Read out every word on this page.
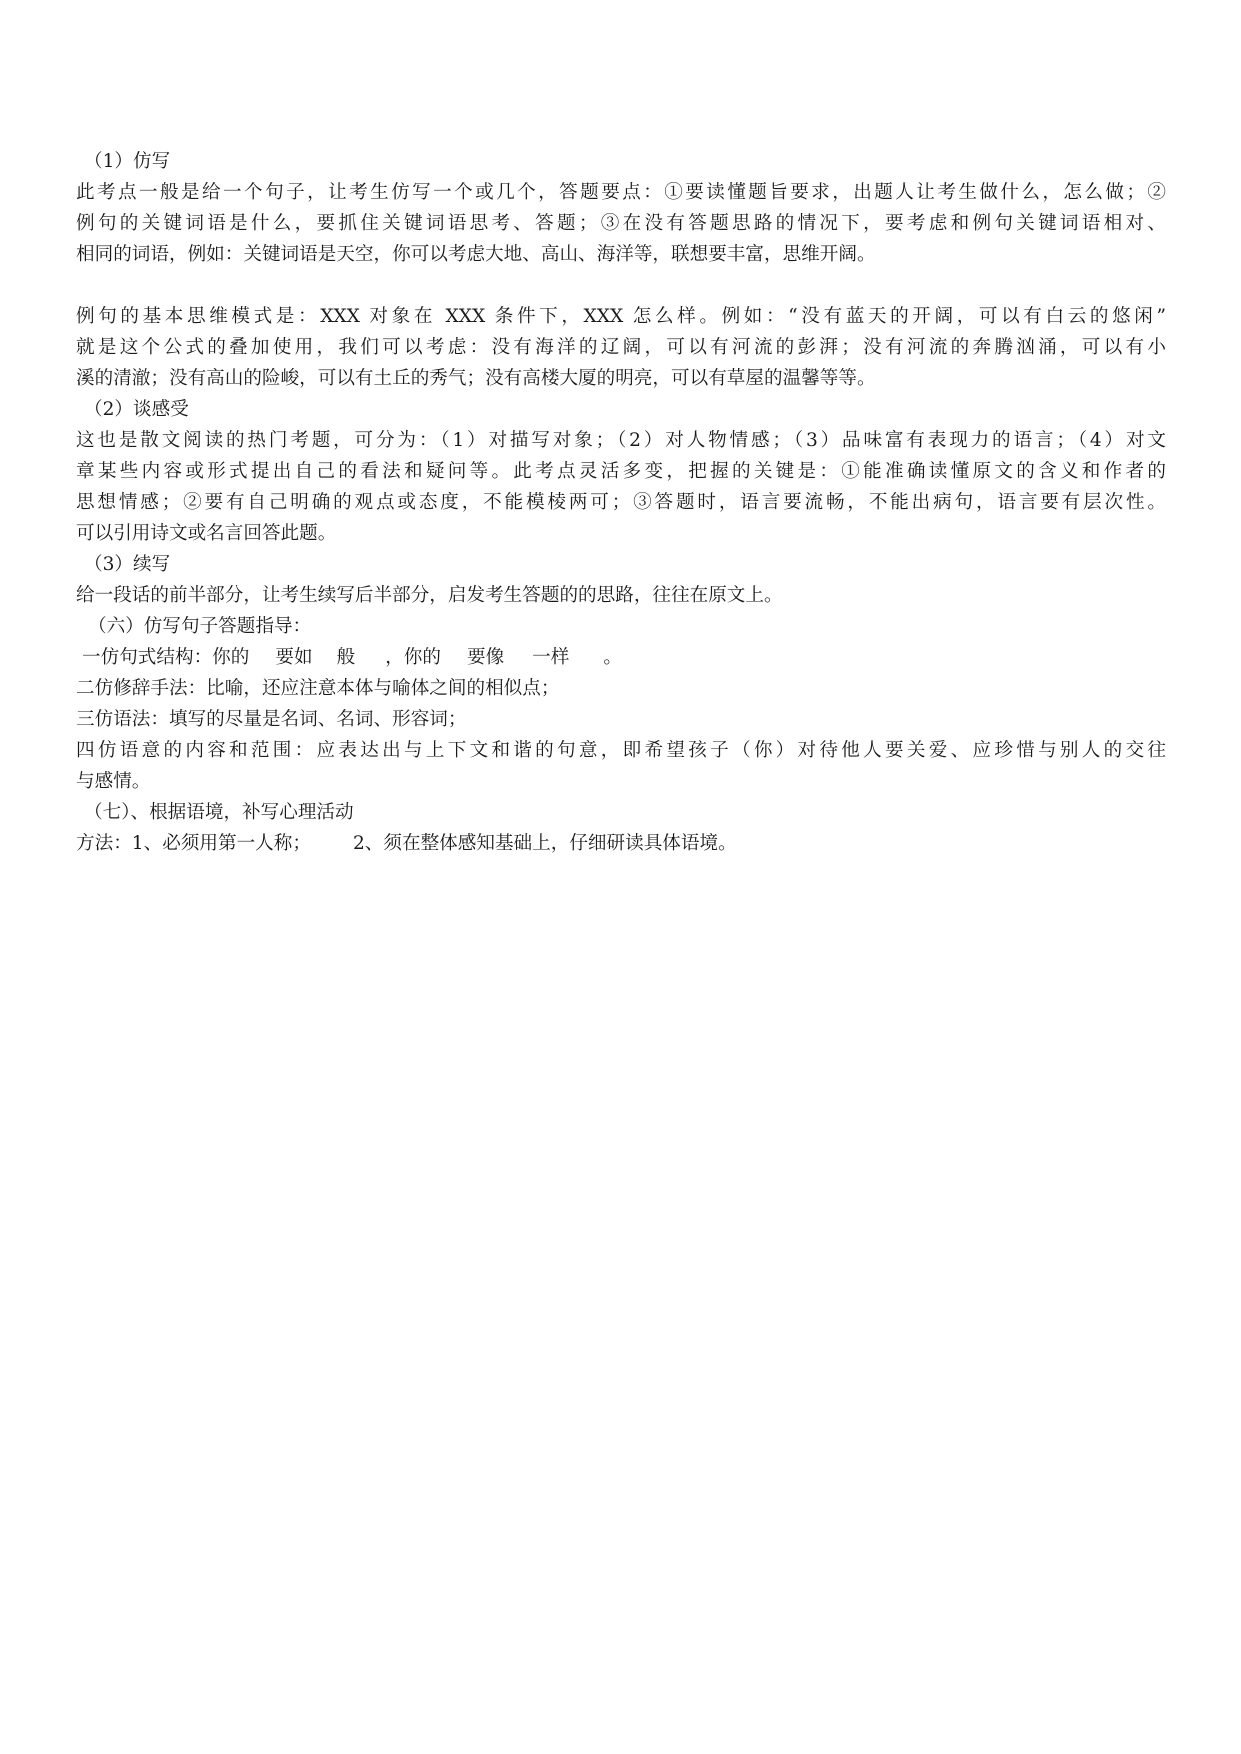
（1）仿写

此考点一般是给一个句子，让考生仿写一个或几个，答题要点：①要读懂题旨要求，出题人让考生做什么，怎么做；②

例句的关键词语是什么，要抓住关键词语思考、答题；③在没有答题思路的情况下，要考虑和例句关键词语相对、

相同的词语，例如：关键词语是天空，你可以考虑大地、高山、海洋等，联想要丰富，思维开阔。

例句的基本思维模式是：XXX 对象在 XXX 条件下，XXX 怎么样。例如：“没有蓝天的开阔，可以有白云的悠闲”

就是这个公式的叠加使用，我们可以考虑：没有海洋的辽阔，可以有河流的彭湃；没有河流的奔腾汹涌，可以有小

溪的清澈；没有高山的险峻，可以有土丘的秀气；没有高楼大厦的明亮，可以有草屋的温馨等等。

（2）谈感受

这也是散文阅读的热门考题，可分为：（1）对描写对象；（2）对人物情感；（3）品味富有表现力的语言；（4）对文

章某些内容或形式提出自己的看法和疑问等。此考点灵活多变，把握的关键是：①能准确读懂原文的含义和作者的

思想情感；②要有自己明确的观点或态度，不能模棱两可；③答题时，语言要流畅，不能出病句，语言要有层次性。

可以引用诗文或名言回答此题。

（3）续写

给一段话的前半部分，让考生续写后半部分，启发考生答题的的思路，往往在原文上。

（六）仿写句子答题指导：

一仿句式结构：你的 要如 般 ，你的 要像 一样 。

二仿修辞手法：比喻，还应注意本体与喻体之间的相似点；

三仿语法：填写的尽量是名词、名词、形容词；

四仿语意的内容和范围：应表达出与上下文和谐的句意，即希望孩子（你）对待他人要关爱、应珍惜与别人的交往

与感情。

（七）、根据语境，补写心理活动

方法：1、必须用第一人称； 2、须在整体感知基础上，仔细研读具体语境。
